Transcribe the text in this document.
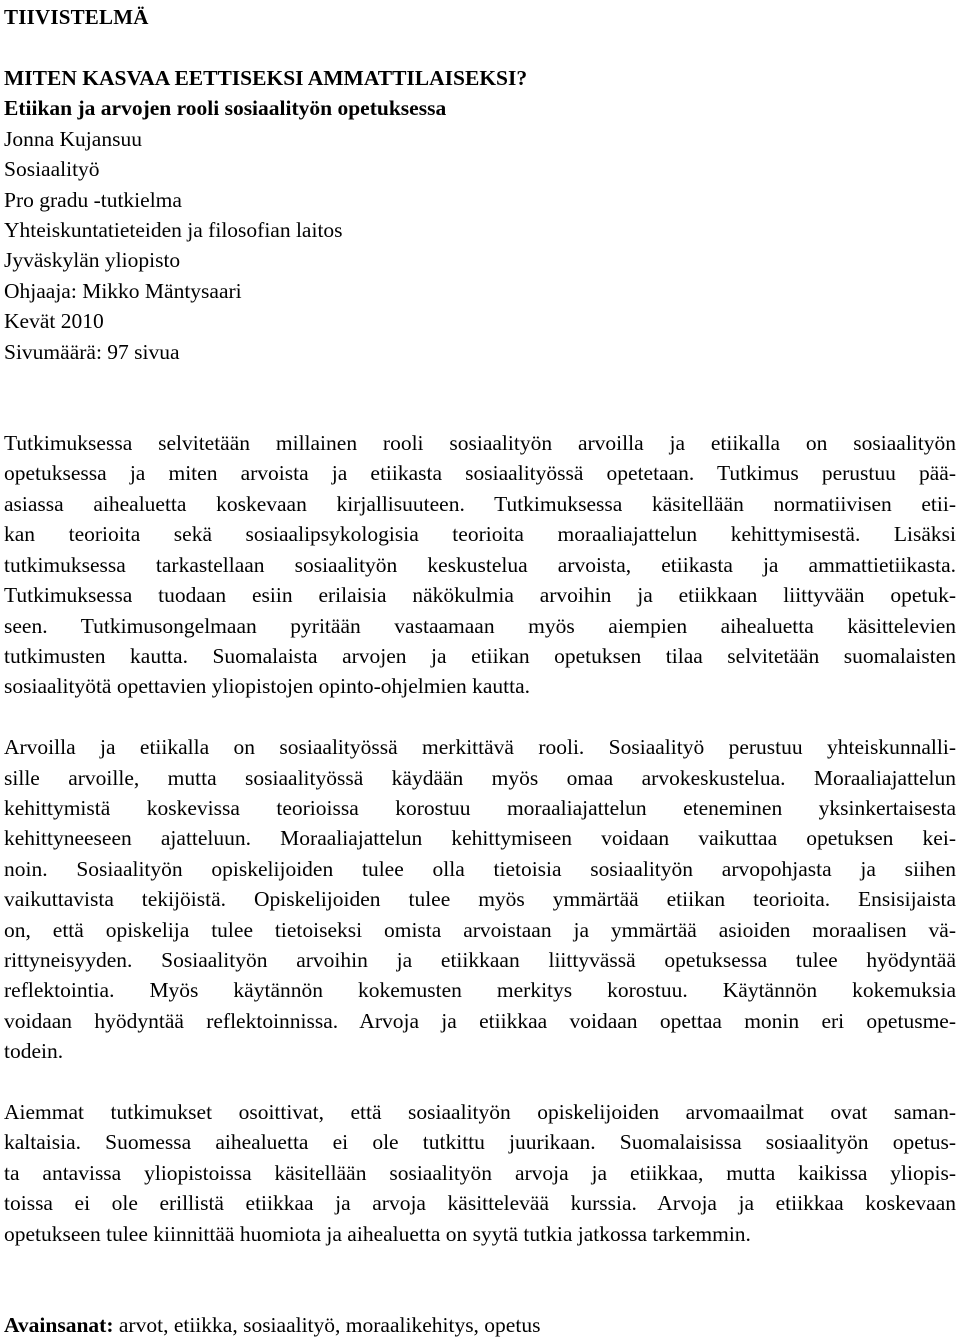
TIIVISTELMÄ
MITEN KASVAA EETTISEKSI AMMATTILAISEKSI?
Etiikan ja arvojen rooli sosiaalityön opetuksessa
Jonna Kujansuu
Sosiaalityö
Pro gradu -tutkielma
Yhteiskuntatieteiden ja filosofian laitos
Jyväskylän yliopisto
Ohjaaja: Mikko Mäntysaari
Kevät 2010
Sivumäärä: 97 sivua

Tutkimuksessa selvitetään millainen rooli sosiaalityön arvoilla ja etiikalla on sosiaalityön
opetuksessa ja miten arvoista ja etiikasta sosiaalityössä opetetaan. Tutkimus perustuu pää-
asiassa aihealuetta koskevaan kirjallisuuteen. Tutkimuksessa käsitellään normatiivisen etii-
kan teorioita sekä sosiaalipsykologisia teorioita moraaliajattelun kehittymisestä. Lisäksi
tutkimuksessa tarkastellaan sosiaalityön keskustelua arvoista, etiikasta ja ammattietiikasta.
Tutkimuksessa tuodaan esiin erilaisia näkökulmia arvoihin ja etiikkaan liittyvään opetuk-
seen. Tutkimusongelmaan pyritään vastaamaan myös aiempien aihealuetta käsittelevien
tutkimusten kautta. Suomalaista arvojen ja etiikan opetuksen tilaa selvitetään suomalaisten
sosiaalityötä opettavien yliopistojen opinto-ohjelmien kautta.

Arvoilla ja etiikalla on sosiaalityössä merkittävä rooli. Sosiaalityö perustuu yhteiskunnalli-
sille arvoille, mutta sosiaalityössä käydään myös omaa arvokeskustelua. Moraaliajattelun
kehittymistä koskevissa teorioissa korostuu moraaliajattelun eteneminen yksinkertaisesta
kehittyneeseen ajatteluun. Moraaliajattelun kehittymiseen voidaan vaikuttaa opetuksen kei-
noin. Sosiaalityön opiskelijoiden tulee olla tietoisia sosiaalityön arvopohjasta ja siihen
vaikuttavista tekijöistä. Opiskelijoiden tulee myös ymmärtää etiikan teorioita. Ensisijaista
on, että opiskelija tulee tietoiseksi omista arvoistaan ja ymmärtää asioiden moraalisen vä-
rittyneisyyden. Sosiaalityön arvoihin ja etiikkaan liittyvässä opetuksessa tulee hyödyntää
reflektointia. Myös käytännön kokemusten merkitys korostuu. Käytännön kokemuksia
voidaan hyödyntää reflektoinnissa. Arvoja ja etiikkaa voidaan opettaa monin eri opetusme-
todein.

Aiemmat tutkimukset osoittivat, että sosiaalityön opiskelijoiden arvomaailmat ovat saman-
kaltaisia. Suomessa aihealuetta ei ole tutkittu juurikaan. Suomalaisissa sosiaalityön opetus-
ta antavissa yliopistoissa käsitellään sosiaalityön arvoja ja etiikkaa, mutta kaikissa yliopis-
toissa ei ole erillistä etiikkaa ja arvoja käsittelevää kurssia. Arvoja ja etiikkaa koskevaan
opetukseen tulee kiinnittää huomiota ja aihealuetta on syytä tutkia jatkossa tarkemmin.

Avainsanat: arvot, etiikka, sosiaalityö, moraalikehitys, opetus
